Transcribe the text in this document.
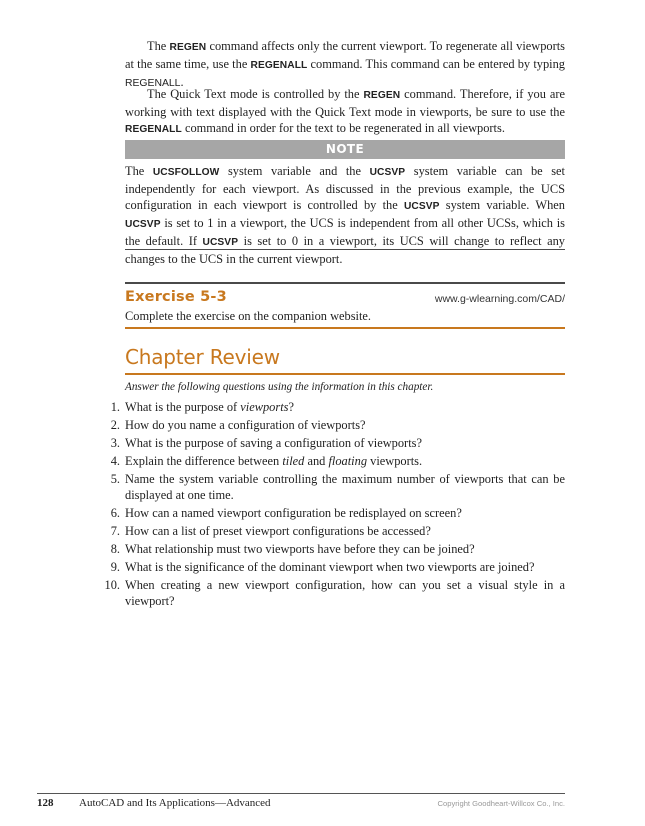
The REGEN command affects only the current viewport. To regenerate all viewports at the same time, use the REGENALL command. This command can be entered by typing REGENALL.

The Quick Text mode is controlled by the REGEN command. Therefore, if you are working with text displayed with the Quick Text mode in viewports, be sure to use the REGENALL command in order for the text to be regenerated in all viewports.

NOTE

The UCSFOLLOW system variable and the UCSVP system variable can be set independently for each viewport. As discussed in the previous example, the UCS configuration in each viewport is controlled by the UCSVP system variable. When UCSVP is set to 1 in a viewport, the UCS is independent from all other UCSs, which is the default. If UCSVP is set to 0 in a viewport, its UCS will change to reflect any changes to the UCS in the current viewport.

Exercise 5-3	www.g-wlearning.com/CAD/
Complete the exercise on the companion website.
Chapter Review
Answer the following questions using the information in this chapter.
1. What is the purpose of viewports?
2. How do you name a configuration of viewports?
3. What is the purpose of saving a configuration of viewports?
4. Explain the difference between tiled and floating viewports.
5. Name the system variable controlling the maximum number of viewports that can be displayed at one time.
6. How can a named viewport configuration be redisplayed on screen?
7. How can a list of preset viewport configurations be accessed?
8. What relationship must two viewports have before they can be joined?
9. What is the significance of the dominant viewport when two viewports are joined?
10. When creating a new viewport configuration, how can you set a visual style in a viewport?
128 AutoCAD and Its Applications—Advanced	Copyright Goodheart-Willcox Co., Inc.
